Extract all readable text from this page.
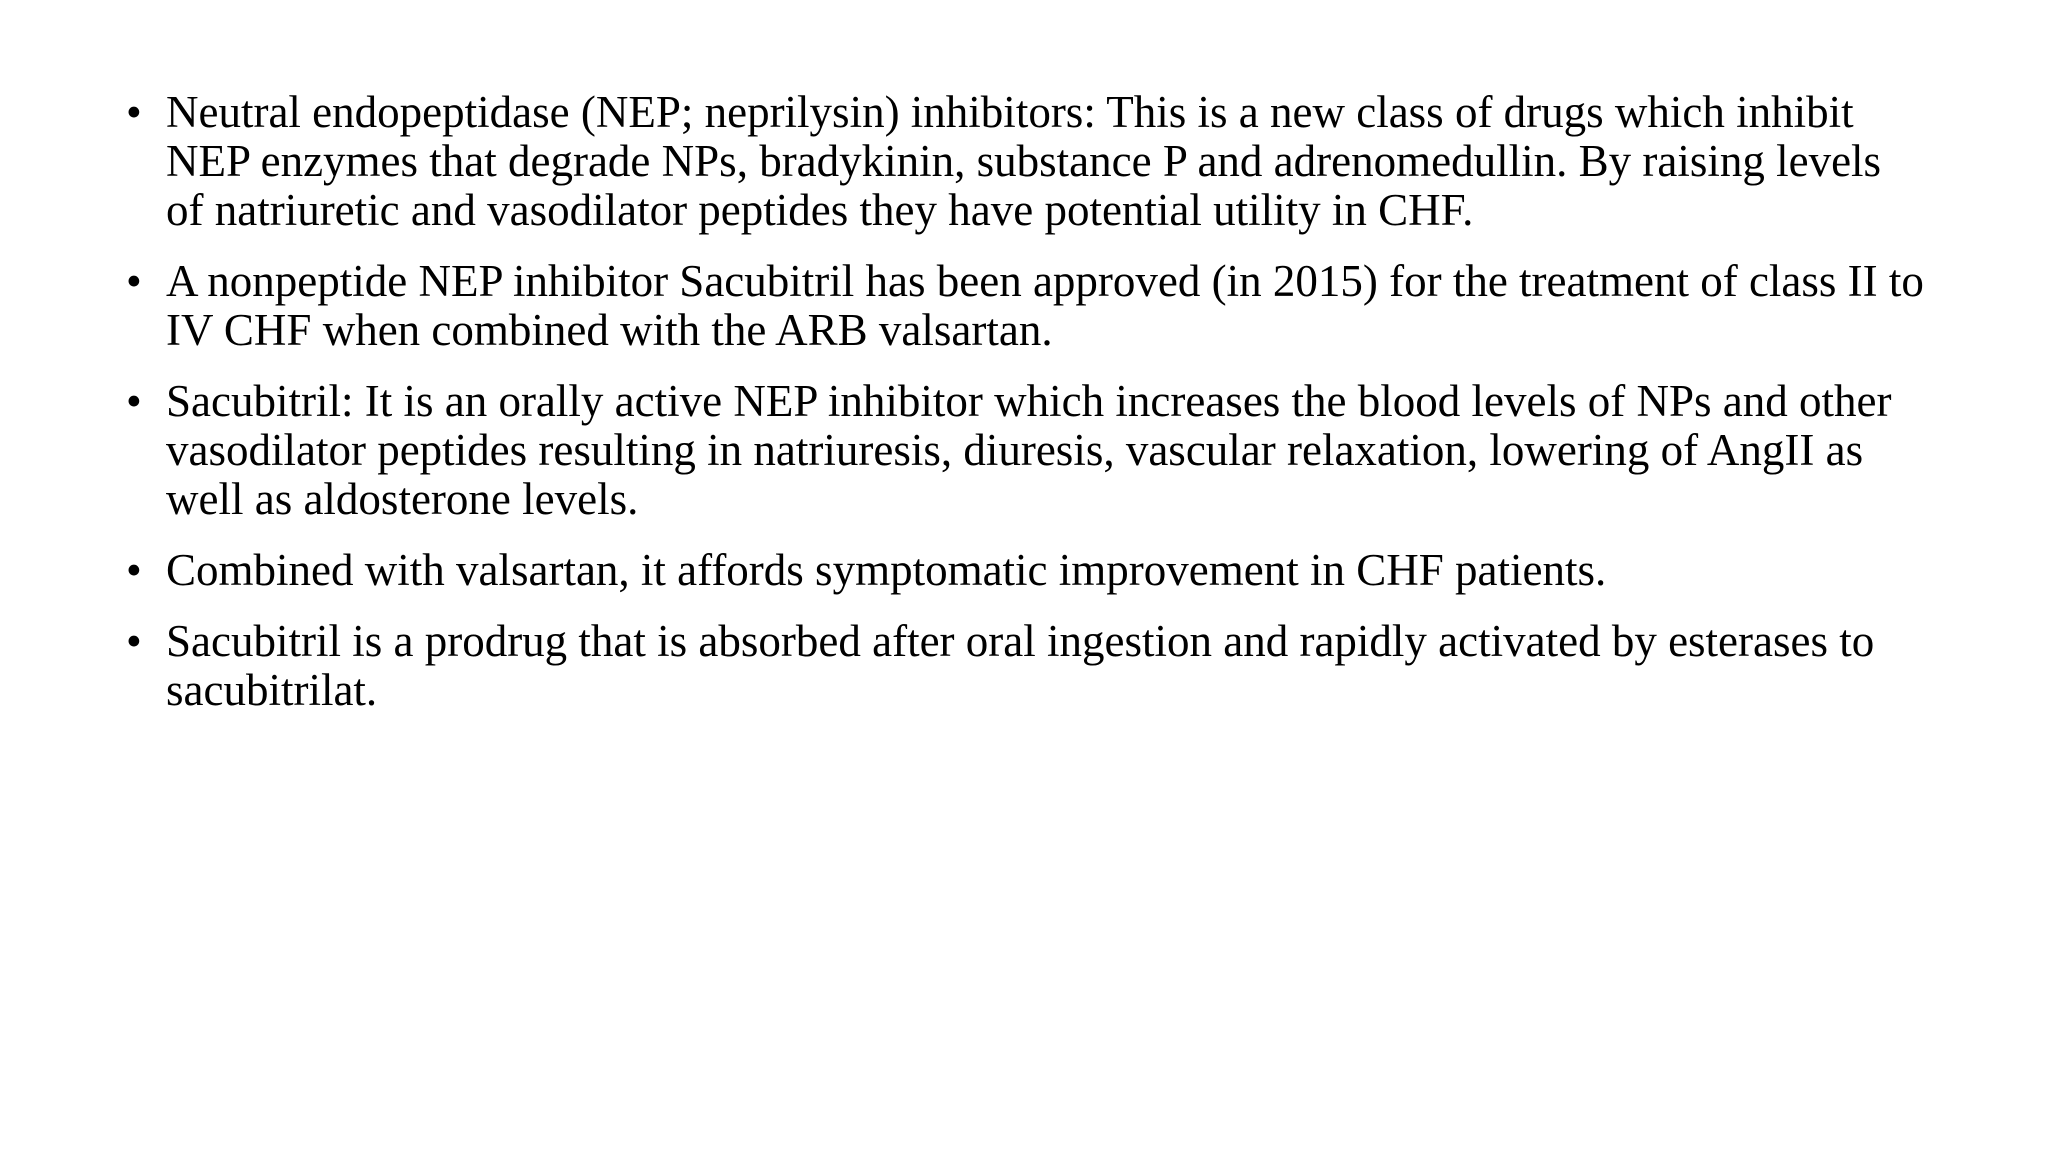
• Neutral endopeptidase (NEP; neprilysin) inhibitors: This is a new class of drugs which inhibit NEP enzymes that degrade NPs, bradykinin, substance P and adrenomedullin. By raising levels of natriuretic and vasodilator peptides they have potential utility in CHF.
• A nonpeptide NEP inhibitor Sacubitril has been approved (in 2015) for the treatment of class II to IV CHF when combined with the ARB valsartan.
• Sacubitril: It is an orally active NEP inhibitor which increases the blood levels of NPs and other vasodilator peptides resulting in natriuresis, diuresis, vascular relaxation, lowering of AngII as well as aldosterone levels.
• Combined with valsartan, it affords symptomatic improvement in CHF patients.
• Sacubitril is a prodrug that is absorbed after oral ingestion and rapidly activated by esterases to sacubitrilat.
